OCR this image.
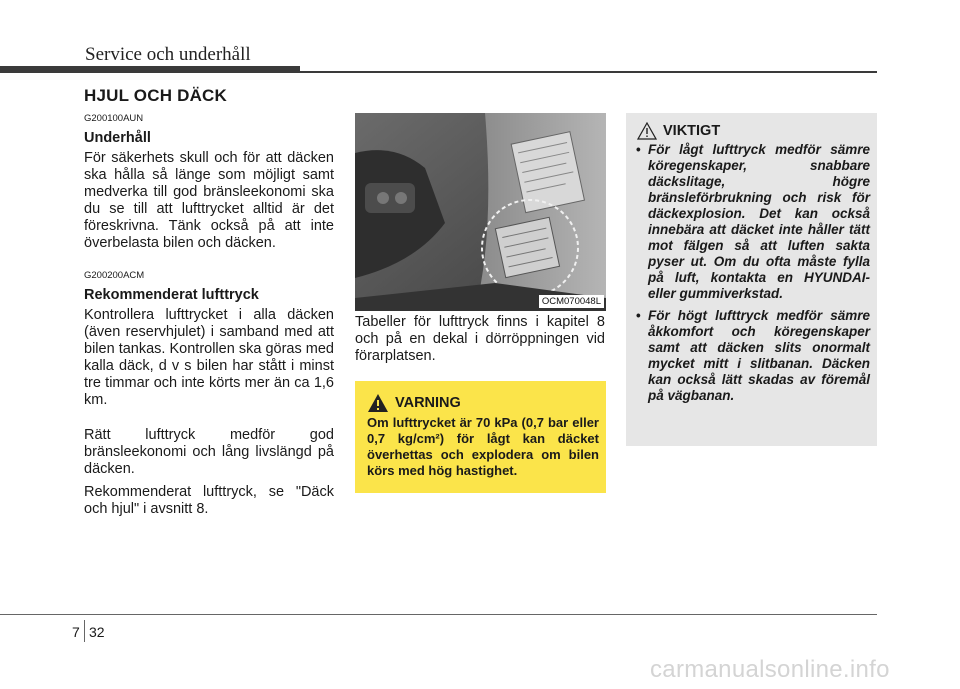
Service och underhåll
HJUL OCH DÄCK

G200100AUN

Underhåll

För säkerhets skull och för att däcken ska hålla så länge som möjligt samt medverka till god bränsleekonomi ska du se till att lufttrycket alltid är det föreskrivna. Tänk också på att inte överbelasta bilen och däcken.

G200200ACM

Rekommenderat lufttryck

Kontrollera lufttrycket i alla däcken (även reservhjulet) i samband med att bilen tankas. Kontrollen ska göras med kalla däck, d v s bilen har stått i minst tre timmar och inte körts mer än ca 1,6 km.

Rätt lufttryck medför god bränsleekonomi och lång livslängd på däcken.

Rekommenderat lufttryck, se "Däck och hjul" i avsnitt 8.

OCM070048L

Tabeller för lufttryck finns i kapitel 8 och på en dekal i dörröppningen vid förarplatsen.

VARNING
Om lufttrycket är 70 kPa (0,7 bar eller 0,7 kg/cm²) för lågt kan däcket överhettas och explodera om bilen körs med hög hastighet.
VIKTIGT
• För lågt lufttryck medför sämre köregenskaper, snabbare däckslitage, högre bränsleförbrukning och risk för däckexplosion. Det kan också innebära att däcket inte håller tätt mot fälgen så att luften sakta pyser ut. Om du ofta måste fylla på luft, kontakta en HYUNDAI- eller gummiverkstad.
• För högt lufttryck medför sämre åkkomfort och köregenskaper samt att däcken slits onormalt mycket mitt i slitbanan. Däcken kan också lätt skadas av föremål på vägbanan.
7 32
carmanualsonline.info
